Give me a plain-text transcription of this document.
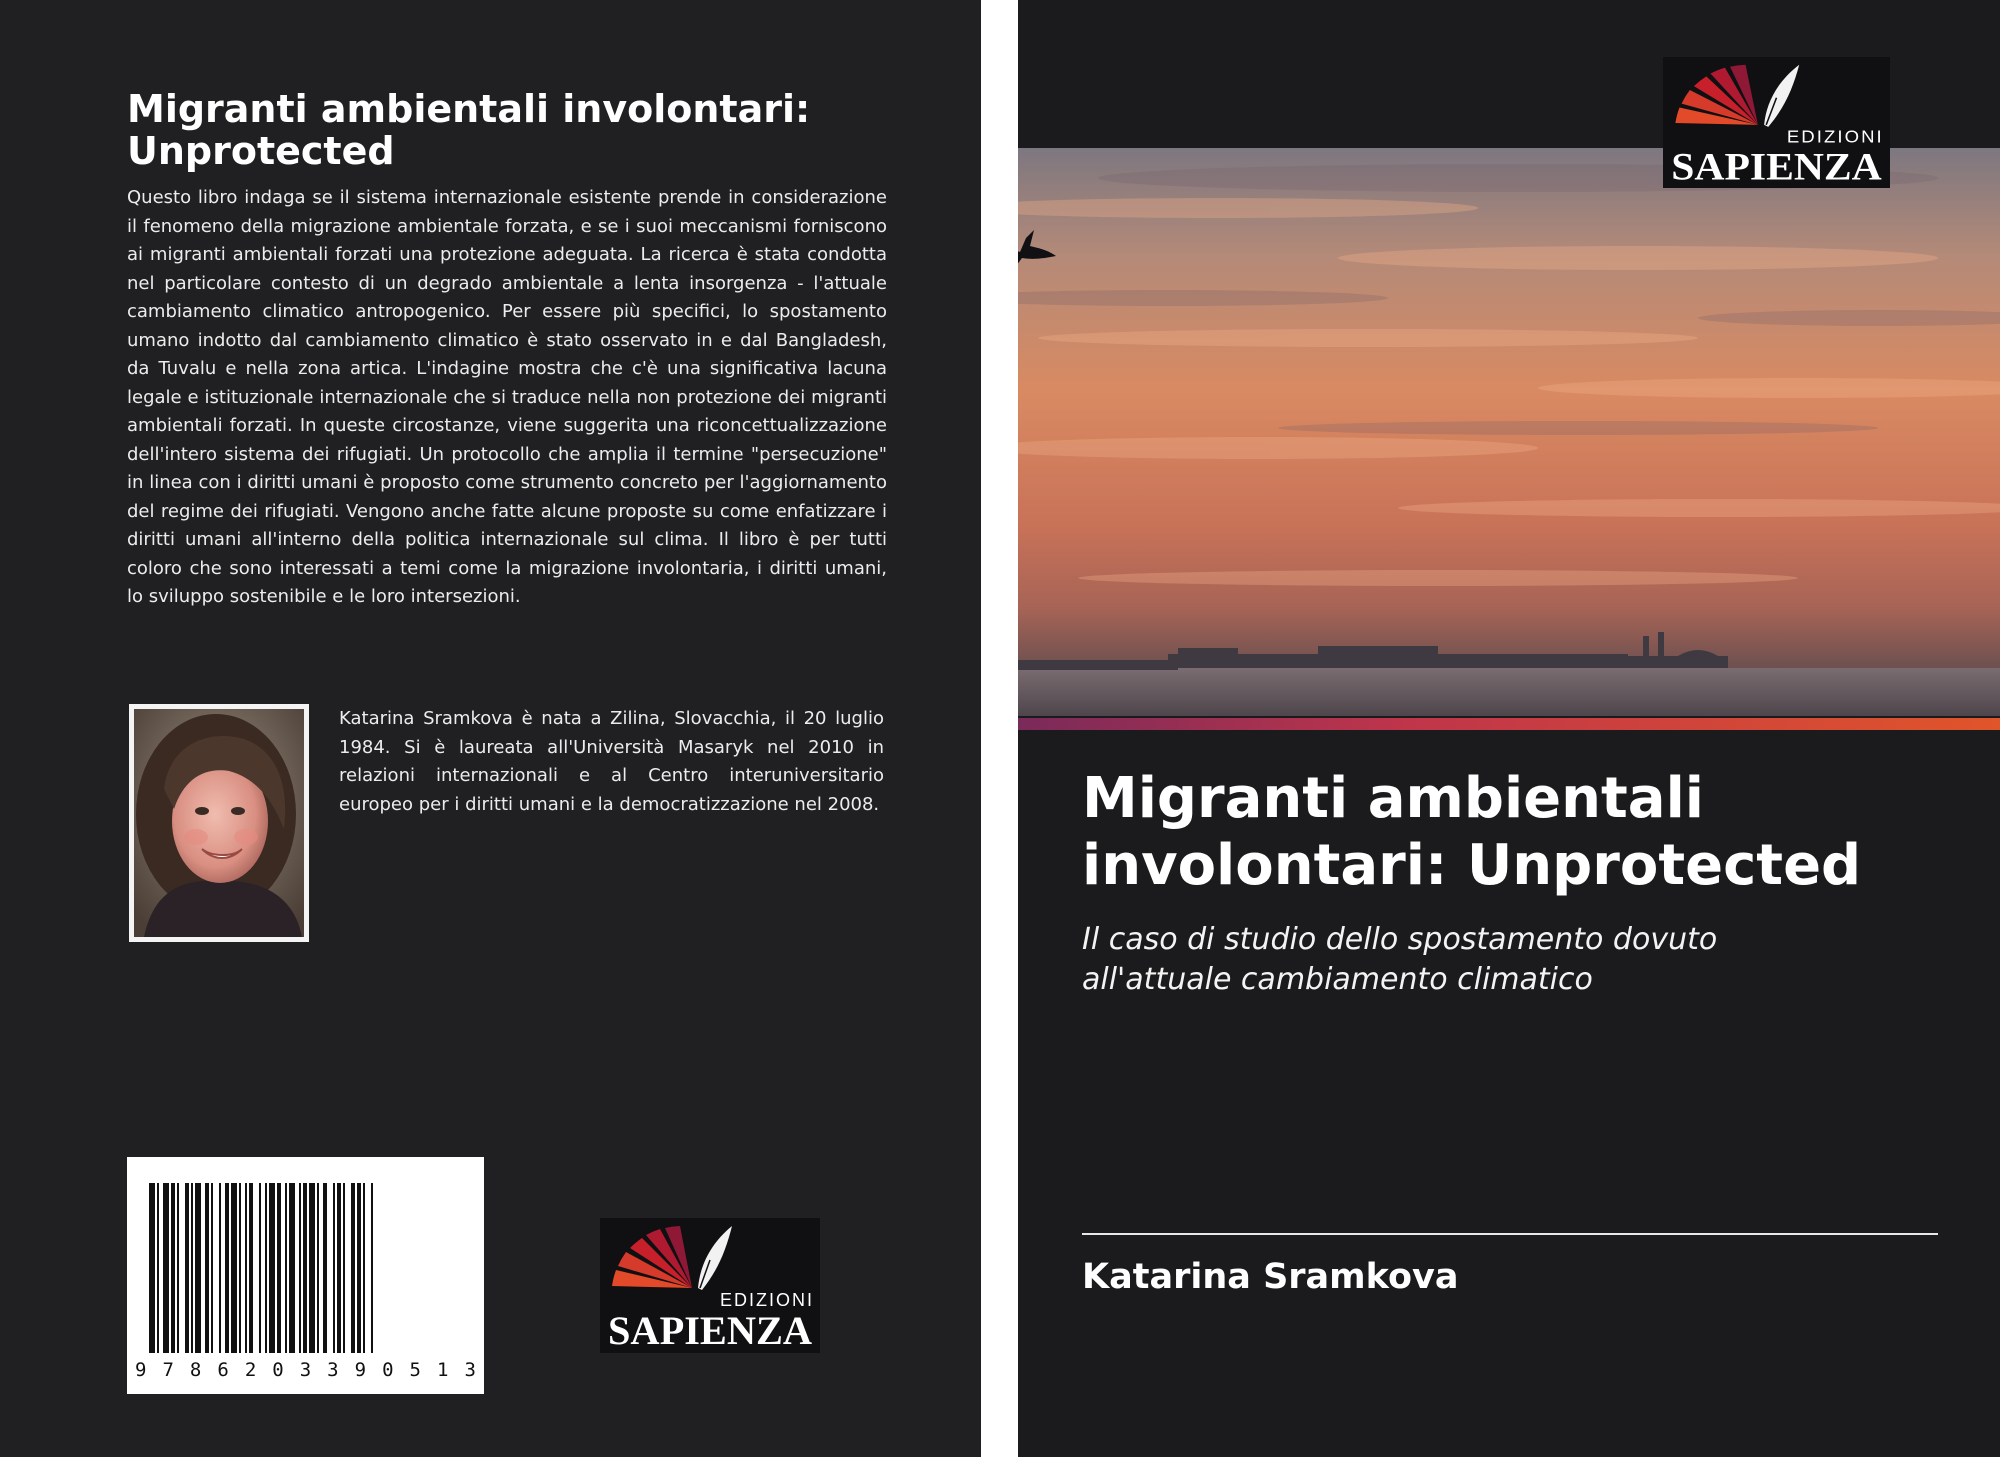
Migranti ambientali involontari:
Unprotected

Questo libro indaga se il sistema internazionale esistente prende in considerazione il fenomeno della migrazione ambientale forzata, e se i suoi meccanismi forniscono ai migranti ambientali forzati una protezione adeguata. La ricerca è stata condotta nel particolare contesto di un degrado ambientale a lenta insorgenza - l'attuale cambiamento climatico antropogenico. Per essere più specifici, lo spostamento umano indotto dal cambiamento climatico è stato osservato in e dal Bangladesh, da Tuvalu e nella zona artica. L'indagine mostra che c'è una significativa lacuna legale e istituzionale internazionale che si traduce nella non protezione dei migranti ambientali forzati. In queste circostanze, viene suggerita una riconcettualizzazione dell'intero sistema dei rifugiati. Un protocollo che amplia il termine "persecuzione" in linea con i diritti umani è proposto come strumento concreto per l'aggiornamento del regime dei rifugiati. Vengono anche fatte alcune proposte su come enfatizzare i diritti umani all'interno della politica internazionale sul clima. Il libro è per tutti coloro che sono interessati a temi come la migrazione involontaria, i diritti umani, lo sviluppo sostenibile e le loro intersezioni.

Katarina Sramkova è nata a Zilina, Slovacchia, il 20 luglio 1984. Si è laureata all'Università Masaryk nel 2010 in relazioni internazionali e al Centro interuniversitario europeo per i diritti umani e la democratizzazione nel 2008.

9 7 8 6 2 0 3 3 9 0 5 1 3
EDIZIONI
SAPIENZA
EDIZIONI
SAPIENZA
Migranti ambientali
involontari: Unprotected

Il caso di studio dello spostamento dovuto
all'attuale cambiamento climatico

Katarina Sramkova
